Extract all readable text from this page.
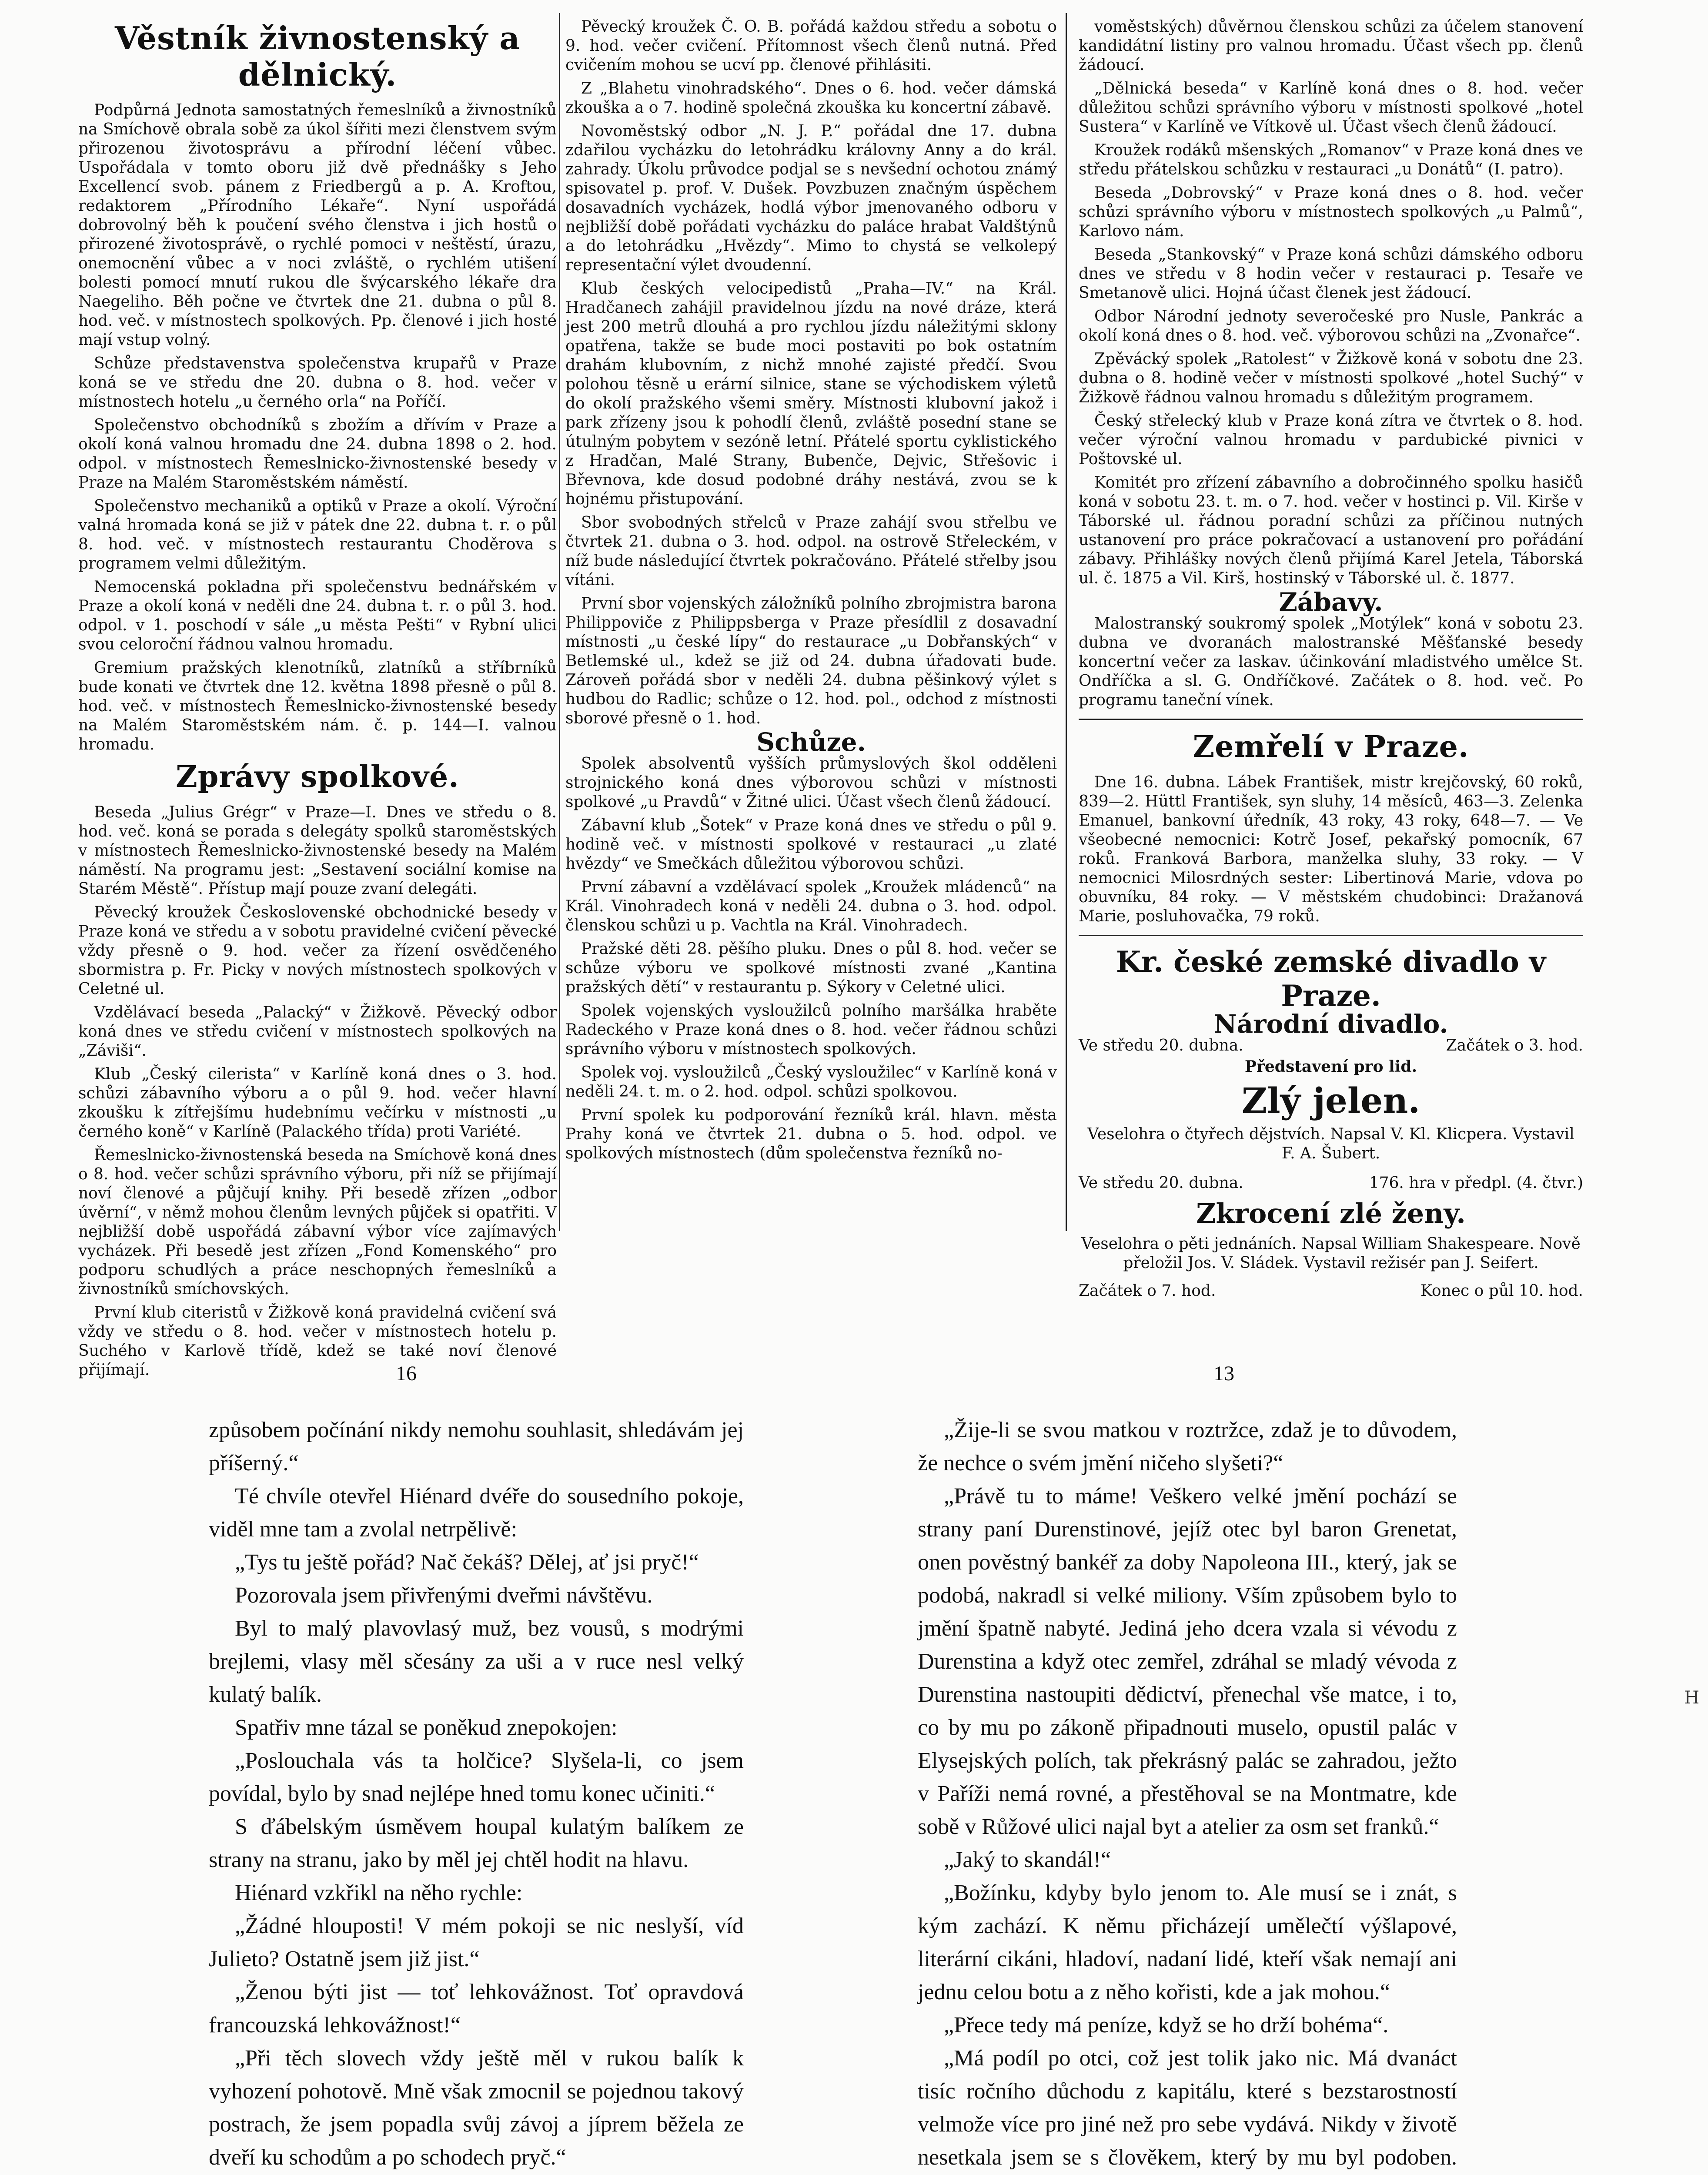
Věstník živnostenský a dělnický.

Podpůrná Jednota samostatných řemeslníků a živnostníků na Smíchově obrala sobě za úkol šířiti mezi členstvem svým přirozenou životosprávu a přírodní léčení vůbec. Uspořádala v tomto oboru již dvě přednášky s Jeho Excellencí svob. pánem z Friedbergů a p. A. Kroftou, redaktorem „Přírodního Lékaře“. Nyní uspořádá dobrovolný běh k poučení svého členstva i jich hostů o přirozené životosprávě, o rychlé pomoci v neštěstí, úrazu, onemocnění vůbec a v noci zvláště, o rychlém utišení bolesti pomocí mnutí rukou dle švýcarského lékaře dra Naegeliho. Běh počne ve čtvrtek dne 21. dubna o půl 8. hod. več. v místnostech spolkových. Pp. členové i jich hosté mají vstup volný.

Schůze představenstva společenstva krupařů v Praze koná se ve středu dne 20. dubna o 8. hod. večer v místnostech hotelu „u černého orla“ na Poříčí.

Společenstvo obchodníků s zbožím a dřívím v Praze a okolí koná valnou hromadu dne 24. dubna 1898 o 2. hod. odpol. v místnostech Řemeslnicko-živnostenské besedy v Praze na Malém Staroměstském náměstí.

Společenstvo mechaniků a optiků v Praze a okolí. Výroční valná hromada koná se již v pátek dne 22. dubna t. r. o půl 8. hod. več. v místnostech restaurantu Choděrova s programem velmi důležitým.

Nemocenská pokladna při společenstvu bednářském v Praze a okolí koná v neděli dne 24. dubna t. r. o půl 3. hod. odpol. v 1. poschodí v sále „u města Pešti“ v Rybní ulici svou celoroční řádnou valnou hromadu.

Gremium pražských klenotníků, zlatníků a stříbrníků bude konati ve čtvrtek dne 12. května 1898 přesně o půl 8. hod. več. v místnostech Řemeslnicko-živnostenské besedy na Malém Staroměstském nám. č. p. 144—I. valnou hromadu.

Zprávy spolkové.

Beseda „Julius Grégr“ v Praze—I. Dnes ve středu o 8. hod. več. koná se porada s delegáty spolků staroměstských v místnostech Řemeslnicko-živnostenské besedy na Malém náměstí. Na programu jest: „Sestavení sociální komise na Starém Městě“. Přístup mají pouze zvaní delegáti.

Pěvecký kroužek Československé obchodnické besedy v Praze koná ve středu a v sobotu pravidelné cvičení pěvecké vždy přesně o 9. hod. večer za řízení osvědčeného sbormistra p. Fr. Picky v nových místnostech spolkových v Celetné ul.

Vzdělávací beseda „Palacký“ v Žižkově. Pěvecký odbor koná dnes ve středu cvičení v místnostech spolkových na „Záviši“.

Klub „Český cilerista“ v Karlíně koná dnes o 3. hod. schůzi zábavního výboru a o půl 9. hod. večer hlavní zkoušku k zítřejšímu hudebnímu večírku v místnosti „u černého koně“ v Karlíně (Palackého třída) proti Variété.

Řemeslnicko-živnostenská beseda na Smíchově koná dnes o 8. hod. večer schůzi správního výboru, při níž se přijímají noví členové a půjčují knihy. Při besedě zřízen „odbor úvěrní“, v němž mohou členům levných půjček si opatřiti. V nejbližší době uspořádá zábavní výbor více zajímavých vycházek. Při besedě jest zřízen „Fond Komenského“ pro podporu schudlých a práce neschopných řemeslníků a živnostníků smíchovských.

První klub citeristů v Žižkově koná pravidelná cvičení svá vždy ve středu o 8. hod. večer v místnostech hotelu p. Suchého v Karlově třídě, kdež se také noví členové přijímají.

Pěvecký kroužek Č. O. B. pořádá každou středu a sobotu o 9. hod. večer cvičení. Přítomnost všech členů nutná. Před cvičením mohou se ucví pp. členové přihlásiti.

Z „Blahetu vinohradského“. Dnes o 6. hod. večer dámská zkouška a o 7. hodině společná zkouška ku koncertní zábavě.

Novoměstský odbor „N. J. P.“ pořádal dne 17. dubna zdařilou vycházku do letohrádku královny Anny a do král. zahrady. Úkolu průvodce podjal se s nevšední ochotou známý spisovatel p. prof. V. Dušek. Povzbuzen značným úspěchem dosavadních vycházek, hodlá výbor jmenovaného odboru v nejbližší době pořádati vycházku do paláce hrabat Valdštýnů a do letohrádku „Hvězdy“. Mimo to chystá se velkolepý representační výlet dvoudenní.

Klub českých velocipedistů „Praha—IV.“ na Král. Hradčanech zahájil pravidelnou jízdu na nové dráze, která jest 200 metrů dlouhá a pro rychlou jízdu náležitými sklony opatřena, takže se bude moci postaviti po bok ostatním drahám klubovním, z nichž mnohé zajisté předčí. Svou polohou těsně u erární silnice, stane se východiskem výletů do okolí pražského všemi směry. Místnosti klubovní jakož i park zřízeny jsou k pohodlí členů, zvláště posední stane se útulným pobytem v sezóně letní. Přátelé sportu cyklistického z Hradčan, Malé Strany, Bubenče, Dejvic, Střešovic i Břevnova, kde dosud podobné dráhy nestává, zvou se k hojnému přistupování.

Sbor svobodných střelců v Praze zahájí svou střelbu ve čtvrtek 21. dubna o 3. hod. odpol. na ostrově Střeleckém, v níž bude následující čtvrtek pokračováno. Přátelé střelby jsou vítáni.

První sbor vojenských záložníků polního zbrojmistra barona Philippoviče z Philippsberga v Praze přesídlil z dosavadní místnosti „u české lípy“ do restaurace „u Dobřanských“ v Betlemské ul., kdež se již od 24. dubna úřadovati bude. Zároveň pořádá sbor v neděli 24. dubna pěšinkový výlet s hudbou do Radlic; schůze o 12. hod. pol., odchod z místnosti sborové přesně o 1. hod.

Schůze.

Spolek absolventů vyšších průmyslových škol odděleni strojnického koná dnes výborovou schůzi v místnosti spolkové „u Pravdů“ v Žitné ulici. Účast všech členů žádoucí.

Zábavní klub „Šotek“ v Praze koná dnes ve středu o půl 9. hodině več. v místnosti spolkové v restauraci „u zlaté hvězdy“ ve Smečkách důležitou výborovou schůzi.

První zábavní a vzdělávací spolek „Kroužek mládenců“ na Král. Vinohradech koná v neděli 24. dubna o 3. hod. odpol. členskou schůzi u p. Vachtla na Král. Vinohradech.

Pražské děti 28. pěšího pluku. Dnes o půl 8. hod. večer se schůze výboru ve spolkové místnosti zvané „Kantina pražských dětí“ v restaurantu p. Sýkory v Celetné ulici.

Spolek vojenských vysloužilců polního maršálka hraběte Radeckého v Praze koná dnes o 8. hod. večer řádnou schůzi správního výboru v místnostech spolkových.

Spolek voj. vysloužilců „Český vysloužilec“ v Karlíně koná v neděli 24. t. m. o 2. hod. odpol. schůzi spolkovou.

První spolek ku podporování řezníků král. hlavn. města Prahy koná ve čtvrtek 21. dubna o 5. hod. odpol. ve spolkových místnostech (dům společenstva řezníků no-

voměstských) důvěrnou členskou schůzi za účelem stanovení kandidátní listiny pro valnou hromadu. Účast všech pp. členů žádoucí.

„Dělnická beseda“ v Karlíně koná dnes o 8. hod. večer důležitou schůzi správního výboru v místnosti spolkové „hotel Sustera“ v Karlíně ve Vítkově ul. Účast všech členů žádoucí.

Kroužek rodáků mšenských „Romanov“ v Praze koná dnes ve středu přátelskou schůzku v restauraci „u Donátů“ (I. patro).

Beseda „Dobrovský“ v Praze koná dnes o 8. hod. večer schůzi správního výboru v místnostech spolkových „u Palmů“, Karlovo nám.

Beseda „Stankovský“ v Praze koná schůzi dámského odboru dnes ve středu v 8 hodin večer v restauraci p. Tesaře ve Smetanově ulici. Hojná účast členek jest žádoucí.

Odbor Národní jednoty severočeské pro Nusle, Pankrác a okolí koná dnes o 8. hod. več. výborovou schůzi na „Zvonařce“.

Zpěvácký spolek „Ratolest“ v Žižkově koná v sobotu dne 23. dubna o 8. hodině večer v místnosti spolkové „hotel Suchý“ v Žižkově řádnou valnou hromadu s důležitým programem.

Český střelecký klub v Praze koná zítra ve čtvrtek o 8. hod. večer výroční valnou hromadu v pardubické pivnici v Poštovské ul.

Komitét pro zřízení zábavního a dobročinného spolku hasičů koná v sobotu 23. t. m. o 7. hod. večer v hostinci p. Vil. Kirše v Táborské ul. řádnou poradní schůzi za příčinou nutných ustanovení pro práce pokračovací a ustanovení pro pořádání zábavy. Přihlášky nových členů přijímá Karel Jetela, Táborská ul. č. 1875 a Vil. Kirš, hostinský v Táborské ul. č. 1877.

Zábavy.

Malostranský soukromý spolek „Motýlek“ koná v sobotu 23. dubna ve dvoranách malostranské Měšťanské besedy koncertní večer za laskav. účinkování mladistvého umělce St. Ondříčka a sl. G. Ondříčkové. Začátek o 8. hod. več. Po programu taneční vínek.

Zemřelí v Praze.

Dne 16. dubna. Lábek František, mistr krejčovský, 60 roků, 839—2. Hüttl František, syn sluhy, 14 měsíců, 463—3. Zelenka Emanuel, bankovní úředník, 43 roky, 43 roky, 648—7. — Ve všeobecné nemocnici: Kotrč Josef, pekařský pomocník, 67 roků. Franková Barbora, manželka sluhy, 33 roky. — V nemocnici Milosrdných sester: Libertinová Marie, vdova po obuvníku, 84 roky. — V městském chudobinci: Dražanová Marie, posluhovačka, 79 roků.

Kr. české zemské divadlo v Praze.
Národní divadlo.
Ve středu 20. dubna.	Začátek o 3. hod.
Představení pro lid.
Zlý jelen.
Veselohra o čtyřech dějstvích. Napsal V. Kl. Klicpera. Vystavil F. A. Šubert.
Ve středu 20. dubna.	176. hra v předpl. (4. čtvr.)
Zkrocení zlé ženy.
Veselohra o pěti jednáních. Napsal William Shakespeare. Nově přeložil Jos. V. Sládek. Vystavil režisér pan J. Seifert.
Začátek o 7. hod.	Konec o půl 10. hod.
16	13

způsobem počínání nikdy nemohu souhlasit, shledávám jej příšerný.“

Té chvíle otevřel Hiénard dvéře do sousedního pokoje, viděl mne tam a zvolal netrpělivě:

„Tys tu ještě pořád? Nač čekáš? Dělej, ať jsi pryč!“

Pozorovala jsem přivřenými dveřmi návštěvu.

Byl to malý plavovlasý muž, bez vousů, s modrými brejlemi, vlasy měl sčesány za uši a v ruce nesl velký kulatý balík.

Spatřiv mne tázal se poněkud znepokojen:

„Poslouchala vás ta holčice? Slyšela-li, co jsem povídal, bylo by snad nejlépe hned tomu konec učiniti.“

S ďábelským úsměvem houpal kulatým balíkem ze strany na stranu, jako by měl jej chtěl hodit na hlavu.

Hiénard vzkřikl na něho rychle:

„Žádné hlouposti! V mém pokoji se nic neslyší, víd Julieto? Ostatně jsem již jist.“

„Ženou býti jist — toť lehkovážnost. Toť opravdová francouzská lehkovážnost!“

„Při těch slovech vždy ještě měl v rukou balík k vyhození pohotově. Mně však zmocnil se pojednou takový postrach, že jsem popadla svůj závoj a jíprem běžela ze dveří ku schodům a po schodech pryč.“

„Žije-li se svou matkou v roztržce, zdaž je to důvodem, že nechce o svém jmění ničeho slyšeti?“

„Právě tu to máme! Veškero velké jmění pochází se strany paní Durenstinové, jejíž otec byl baron Grenetat, onen pověstný bankéř za doby Napoleona III., který, jak se podobá, nakradl si velké miliony. Vším způsobem bylo to jmění špatně nabyté. Jediná jeho dcera vzala si vévodu z Durenstina a když otec zemřel, zdráhal se mladý vévoda z Durenstina nastoupiti dědictví, přenechal vše matce, i to, co by mu po zákoně připadnouti muselo, opustil palác v Elysejských polích, tak překrásný palác se zahradou, ježto v Paříži nemá rovné, a přestěhoval se na Montmatre, kde sobě v Růžové ulici najal byt a atelier za osm set franků.“

„Jaký to skandál!“

„Božínku, kdyby bylo jenom to. Ale musí se i znát, s kým zachází. K němu přicházejí umělečtí výšlapové, literární cikáni, hladoví, nadaní lidé, kteří však nemají ani jednu celou botu a z něho kořisti, kde a jak mohou.“

„Přece tedy má peníze, když se ho drží bohéma“.

„Má podíl po otci, což jest tolik jako nic. Má dvanáct tisíc ročního důchodu z kapitálu, které s bezstarostností velmože více pro jiné než pro sebe vydává. Nikdy v životě nesetkala jsem se s člověkem, který by mu byl podoben.

H
